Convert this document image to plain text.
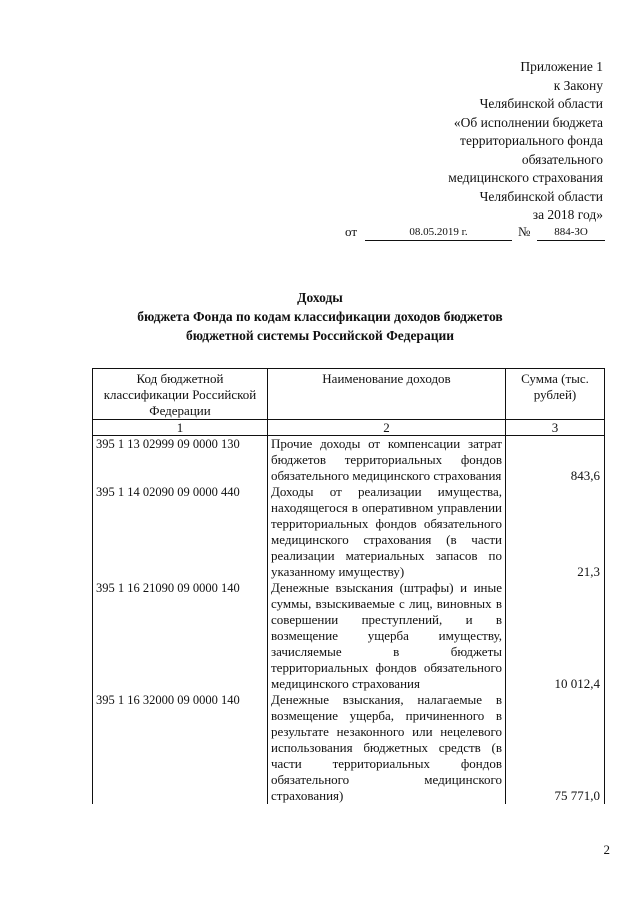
Приложение 1
к Закону
Челябинской области
«Об исполнении бюджета
территориального фонда
обязательного
медицинского страхования
Челябинской области
за 2018 год»
от	08.05.2019 г.	№	884-ЗО
Доходы
бюджета Фонда по кодам классификации доходов бюджетов
бюджетной системы Российской Федерации
Код бюджетной классификации Российской Федерации	Наименование доходов	Сумма (тыс. рублей)
1	2	3
395 1 13 02999 09 0000 130	Прочие доходы от компенсации затрат бюджетов территориальных фондов обязательного медицинского страхования	843,6
395 1 14 02090 09 0000 440	Доходы от реализации имущества, находящегося в оперативном управлении территориальных фондов обязательного медицинского страхования (в части реализации материальных запасов по указанному имуществу)	21,3
395 1 16 21090 09 0000 140	Денежные взыскания (штрафы) и иные суммы, взыскиваемые с лиц, виновных в совершении преступлений, и в возмещение ущерба имуществу, зачисляемые в бюджеты территориальных фондов обязательного медицинского страхования	10 012,4
395 1 16 32000 09 0000 140	Денежные взыскания, налагаемые в возмещение ущерба, причиненного в результате незаконного или нецелевого использования бюджетных средств (в части территориальных фондов обязательного медицинского страхования)	75 771,0
2
